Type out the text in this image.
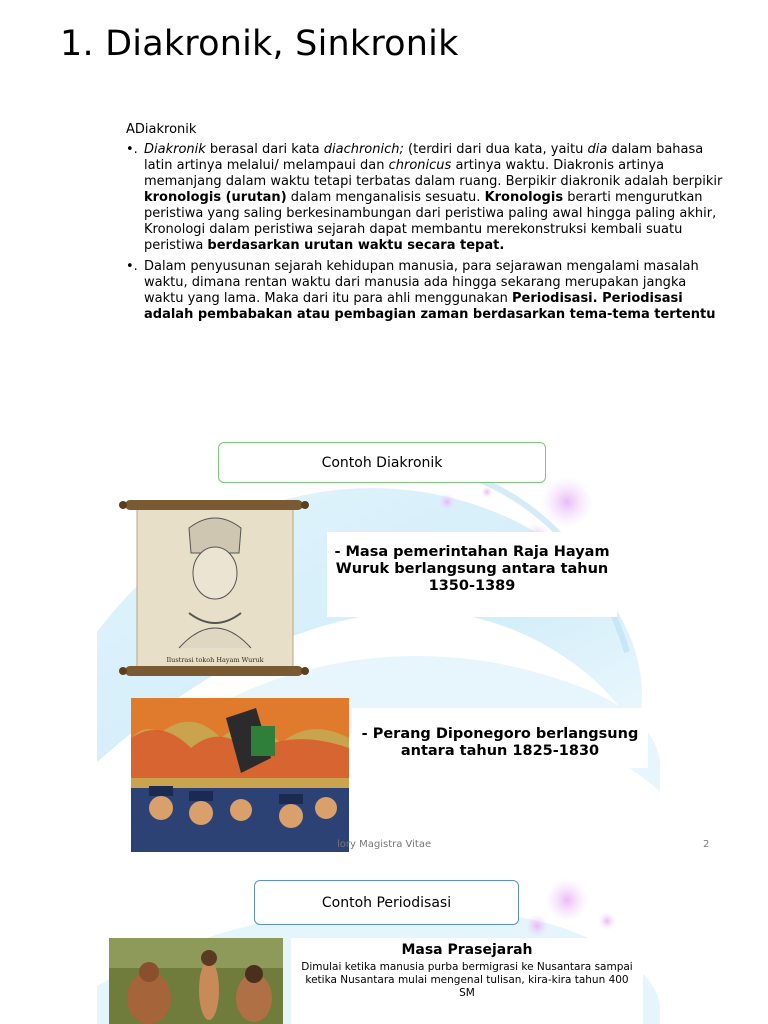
1. Diakronik, Sinkronik
ADiakronik
•. Diakronik berasal dari kata diachronich; (terdiri dari dua kata, yaitu dia dalam bahasa latin artinya melalui/ melampaui dan chronicus artinya waktu. Diakronis artinya memanjang dalam waktu tetapi terbatas dalam ruang. Berpikir diakronik adalah berpikir kronologis (urutan) dalam menganalisis sesuatu. Kronologis berarti mengurutkan peristiwa yang saling berkesinambungan dari peristiwa paling awal hingga paling akhir, Kronologi dalam peristiwa sejarah dapat membantu merekonstruksi kembali suatu peristiwa berdasarkan urutan waktu secara tepat.
•. Dalam penyusunan sejarah kehidupan manusia, para sejarawan mengalami masalah waktu, dimana rentan waktu dari manusia ada hingga sekarang merupakan jangka waktu yang lama. Maka dari itu para ahli menggunakan Periodisasi. Periodisasi adalah pembabakan atau pembagian zaman berdasarkan tema-tema tertentu
Contoh Diakronik
Ilustrasi tokoh Hayam Wuruk
- Masa pemerintahan Raja Hayam Wuruk berlangsung antara tahun 1350-1389
- Perang Diponegoro berlangsung antara tahun 1825-1830
lory Magistra Vitae	2
Contoh Periodisasi
Masa Prasejarah
Dimulai ketika manusia purba bermigrasi ke Nusantara sampai ketika Nusantara mulai mengenal tulisan, kira-kira tahun 400 SM
